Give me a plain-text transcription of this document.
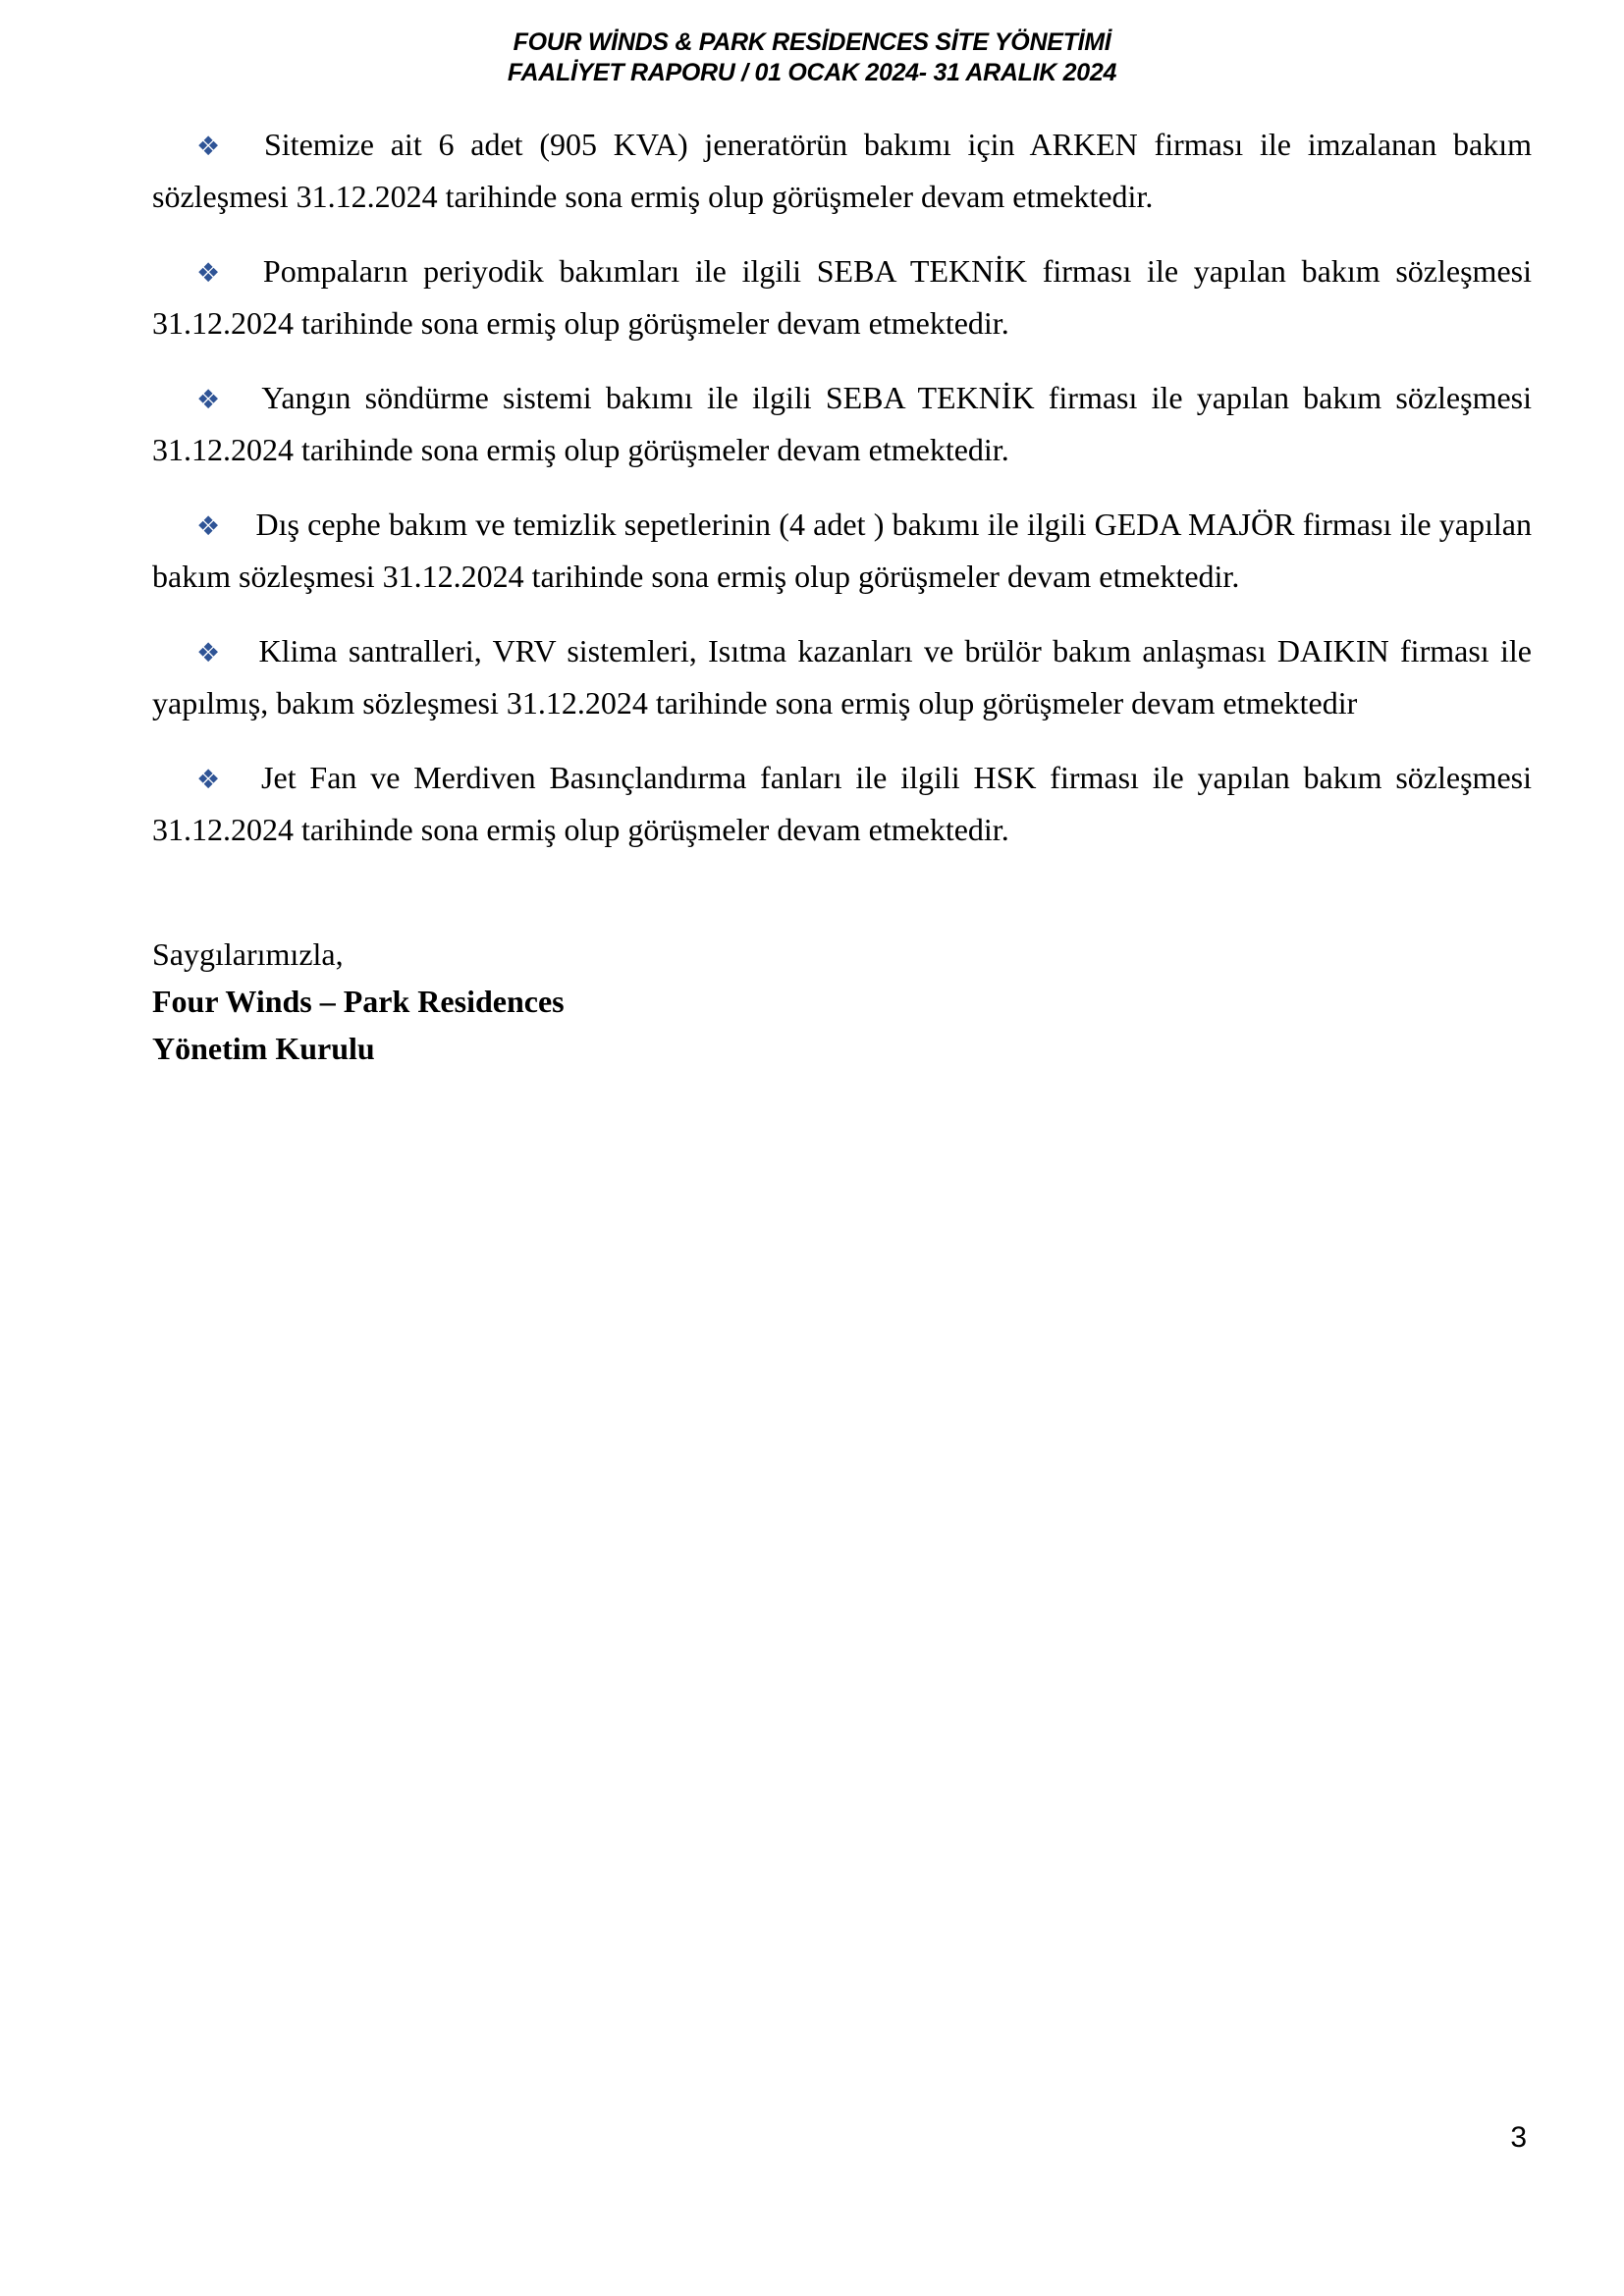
FOUR WİNDS & PARK RESİDENCES SİTE YÖNETİMİ
FAALİYET RAPORU / 01 OCAK 2024- 31 ARALIK 2024

❖ Sitemize ait 6 adet (905 KVA) jeneratörün bakımı için ARKEN firması ile imzalanan bakım sözleşmesi 31.12.2024 tarihinde sona ermiş olup görüşmeler devam etmektedir.

❖ Pompaların periyodik bakımları ile ilgili SEBA TEKNİK firması ile yapılan bakım sözleşmesi 31.12.2024 tarihinde sona ermiş olup görüşmeler devam etmektedir.

❖ Yangın söndürme sistemi bakımı ile ilgili SEBA TEKNİK firması ile yapılan bakım sözleşmesi 31.12.2024 tarihinde sona ermiş olup görüşmeler devam etmektedir.

❖ Dış cephe bakım ve temizlik sepetlerinin (4 adet ) bakımı ile ilgili GEDA MAJÖR firması ile yapılan bakım sözleşmesi 31.12.2024 tarihinde sona ermiş olup görüşmeler devam etmektedir.

❖ Klima santralleri, VRV sistemleri, Isıtma kazanları ve brülör bakım anlaşması DAIKIN firması ile yapılmış, bakım sözleşmesi 31.12.2024 tarihinde sona ermiş olup görüşmeler devam etmektedir

❖ Jet Fan ve Merdiven Basınçlandırma fanları ile ilgili HSK firması ile yapılan bakım sözleşmesi 31.12.2024 tarihinde sona ermiş olup görüşmeler devam etmektedir.

Saygılarımızla,

Four Winds – Park Residences

Yönetim Kurulu

3
